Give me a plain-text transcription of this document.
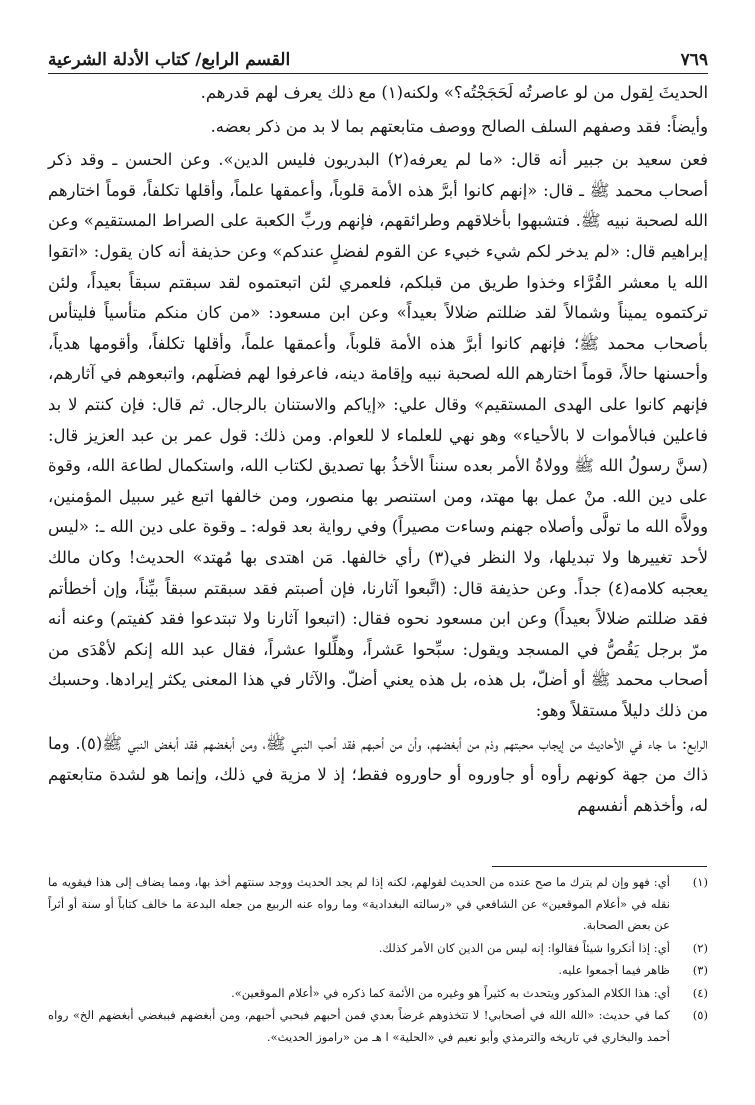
القسم الرابع/ كتاب الأدلة الشرعية	٧٦٩

الحديثَ لِقول من لو عاصرتُه لَحَجَجْتُه؟» ولكنه(١) مع ذلك يعرف لهم قدرهم.

وأيضاً: فقد وصفهم السلف الصالح ووصف متابعتهم بما لا بد من ذكر بعضه.

فعن سعيد بن جبير أنه قال: «ما لم يعرفه(٢) البدريون فليس الدين». وعن الحسن ـ وقد ذكر أصحاب محمد ﷺ ـ قال: «إنهم كانوا أبرَّ هذه الأمة قلوباً، وأعمقها علماً، وأقلها تكلفاً، قوماً اختارهم الله لصحبة نبيه ﷺ. فتشبهوا بأخلاقهم وطرائقهم، فإنهم وربِّ الكعبة على الصراط المستقيم» وعن إبراهيم قال: «لم يدخر لكم شيء خبيء عن القوم لفضلٍ عندكم» وعن حذيفة أنه كان يقول: «اتقوا الله يا معشر القُرَّاء وخذوا طريق من قبلكم، فلعمري لئن اتبعتموه لقد سبقتم سبقاً بعيداً، ولئن تركتموه يميناً وشمالاً لقد ضللتم ضلالاً بعيداً» وعن ابن مسعود: «من كان منكم متأسياً فليتأس بأصحاب محمد ﷺ؛ فإنهم كانوا أبرَّ هذه الأمة قلوباً، وأعمقها علماً، وأقلها تكلفاً، وأقومها هدياً، وأحسنها حالاً، قوماً اختارهم الله لصحبة نبيه وإقامة دينه، فاعرفوا لهم فضلَهم، واتبعوهم في آثارهم، فإنهم كانوا على الهدى المستقيم» وقال علي: «إياكم والاستنان بالرجال. ثم قال: فإن كنتم لا بد فاعلين فبالأموات لا بالأحياء» وهو نهي للعلماء لا للعوام. ومن ذلك: قول عمر بن عبد العزيز قال: (سنَّ رسولُ الله ﷺ وولاةُ الأمر بعده سنناً الأخذُ بها تصديق لكتاب الله، واستكمال لطاعة الله، وقوة على دين الله. منْ عمل بها مهتد، ومن استنصر بها منصور، ومن خالفها اتبع غير سبيل المؤمنين، وولاَّه الله ما تولَّى وأصلاه جهنم وساءت مصيراً) وفي رواية بعد قوله: ـ وقوة على دين الله ـ: «ليس لأحد تغييرها ولا تبديلها، ولا النظر في(٣) رأي خالفها. مَن اهتدى بها مُهتد» الحديث! وكان مالك يعجبه كلامه(٤) جداً. وعن حذيفة قال: (اتَّبعوا آثارنا، فإن أصبتم فقد سبقتم سبقاً بيِّناً، وإن أخطأتم فقد ضللتم ضلالاً بعيداً) وعن ابن مسعود نحوه فقال: (اتبعوا آثارنا ولا تبتدعوا فقد كفيتم) وعنه أنه مرّ برجل يَقُصُّ في المسجد ويقول: سبِّحوا عَشراً، وهلِّلوا عشراً، فقال عبد الله إنكم لأهْدَى من أصحاب محمد ﷺ أو أضلّ، بل هذه، بل هذه يعني أضلّ. والآثار في هذا المعنى يكثر إيرادها. وحسبك من ذلك دليلاً مستقلاً وهو:

الرابع: ما جاء في الأحاديث من إيجاب محبتهم وذم من أبغضهم، وأن من أحبهم فقد أحب النبي ﷺ، ومن أبغضهم فقد أبغض النبي ﷺ(٥). وما ذاك من جهة كونهم رأوه أو جاوروه أو حاوروه فقط؛ إذ لا مزية في ذلك، وإنما هو لشدة متابعتهم له، وأخذهم أنفسهم

(١)
أي: فهو وإن لم يترك ما صح عنده من الحديث لقولهم، لكنه إذا لم يجد الحديث ووجد سنتهم أخذ بها، ومما يضاف إلى هذا فيقويه ما نقله في «أعلام الموقعين» عن الشافعي في «رسالته البغدادية» وما رواه عنه الربيع من جعله البدعة ما خالف كتاباً أو سنة أو أثراً عن بعض الصحابة.
(٢)
أي: إذا أنكروا شيئاً فقالوا: إنه ليس من الدين كان الأمر كذلك.
(٣)
ظاهر فيما أجمعوا عليه.
(٤)
أي: هذا الكلام المذكور ويتحدث به كثيراً هو وغيره من الأئمة كما ذكره في «أعلام الموقعين».
(٥)
كما في حديث: «الله الله في أصحابي! لا تتخذوهم غرضاً بعدي فمن أحبهم فبحبي أحبهم، ومن أبغضهم فببغضي أبغضهم الخ» رواه أحمد والبخاري في تاريخه والترمذي وأبو نعيم في «الحلية» ا هـ من «راموز الحديث».
